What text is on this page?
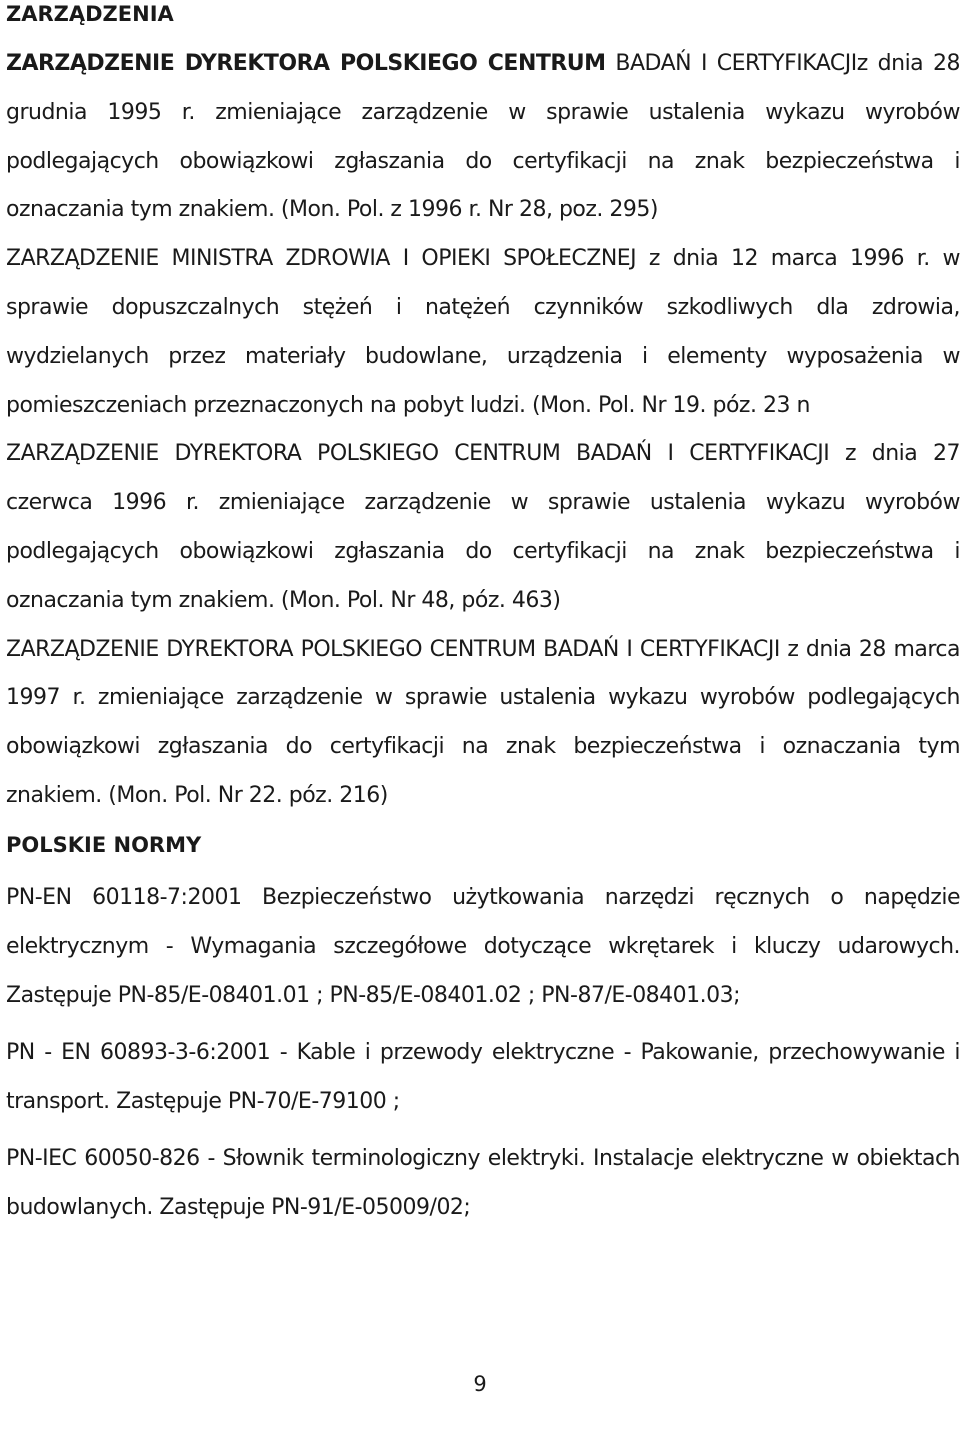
ZARZĄDZENIA

ZARZĄDZENIE DYREKTORA POLSKIEGO CENTRUM BADAŃ I CERTYFIKACJIz dnia 28 grudnia 1995 r. zmieniające zarządzenie w sprawie ustalenia wykazu wyrobów podlegających obowiązkowi zgłaszania do certyfikacji na znak bezpieczeństwa i oznaczania tym znakiem. (Mon. Pol. z 1996 r. Nr 28, poz. 295)

ZARZĄDZENIE MINISTRA ZDROWIA I OPIEKI SPOŁECZNEJ z dnia 12 marca 1996 r. w sprawie dopuszczalnych stężeń i natężeń czynników szkodliwych dla zdrowia, wydzielanych przez materiały budowlane, urządzenia i elementy wyposażenia w pomieszczeniach przeznaczonych na pobyt ludzi. (Mon. Pol. Nr 19. póz. 23 n

ZARZĄDZENIE DYREKTORA POLSKIEGO CENTRUM BADAŃ I CERTYFIKACJI z dnia 27 czerwca 1996 r. zmieniające zarządzenie w sprawie ustalenia wykazu wyrobów podlegających obowiązkowi zgłaszania do certyfikacji na znak bezpieczeństwa i oznaczania tym znakiem. (Mon. Pol. Nr 48, póz. 463)

ZARZĄDZENIE DYREKTORA POLSKIEGO CENTRUM BADAŃ I CERTYFIKACJI z dnia 28 marca 1997 r. zmieniające zarządzenie w sprawie ustalenia wykazu wyrobów podlegających obowiązkowi zgłaszania do certyfikacji na znak bezpieczeństwa i oznaczania tym znakiem. (Mon. Pol. Nr 22. póz. 216)

POLSKIE NORMY

PN-EN 60118-7:2001 Bezpieczeństwo użytkowania narzędzi ręcznych o napędzie elektrycznym - Wymagania szczegółowe dotyczące wkrętarek i kluczy udarowych. Zastępuje PN-85/E-08401.01 ; PN-85/E-08401.02 ; PN-87/E-08401.03;

PN - EN 60893-3-6:2001 - Kable i przewody elektryczne - Pakowanie, przechowywanie i transport. Zastępuje PN-70/E-79100 ;

PN-IEC 60050-826 - Słownik terminologiczny elektryki. Instalacje elektryczne w obiektach budowlanych. Zastępuje PN-91/E-05009/02;

9
